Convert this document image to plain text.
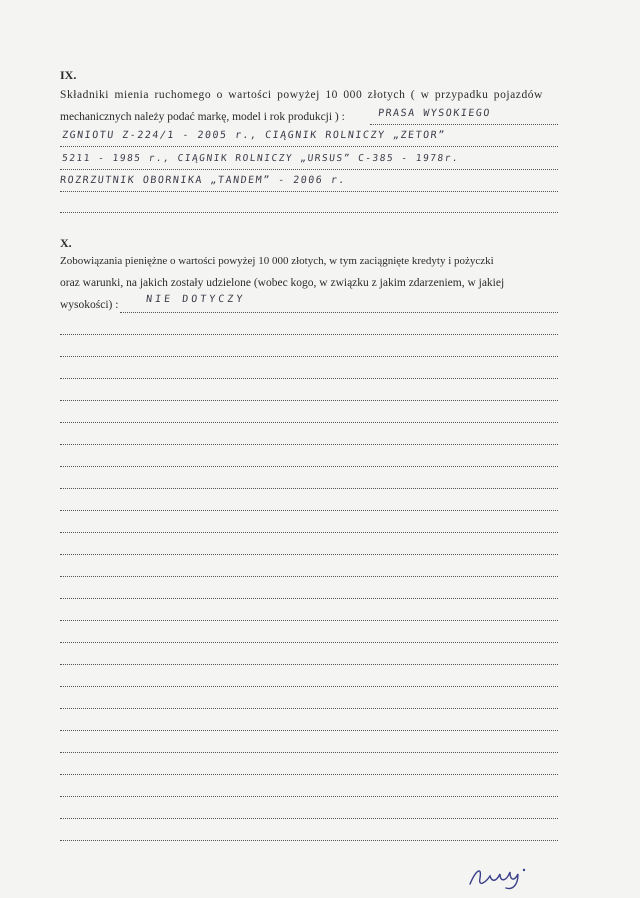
IX.
Składniki mienia ruchomego o wartości powyżej 10 000 złotych ( w przypadku pojazdów
mechanicznych należy podać markę, model i rok produkcji ) :	PRASA WYSOKIEGO
ZGNIOTU Z-224/1 - 2005 r., CIĄGNIK ROLNICZY „ZETOR”
5211 - 1985 r., CIĄGNIK ROLNICZY „URSUS” C-385 - 1978r.
ROZRZUTNIK OBORNIKA „TANDEM” - 2006 r.
X.
Zobowiązania pieniężne o wartości powyżej 10 000 złotych, w tym zaciągnięte kredyty i pożyczki
oraz warunki, na jakich zostały udzielone (wobec kogo, w związku z jakim zdarzeniem, w jakiej
wysokości) :	NIE DOTYCZY
